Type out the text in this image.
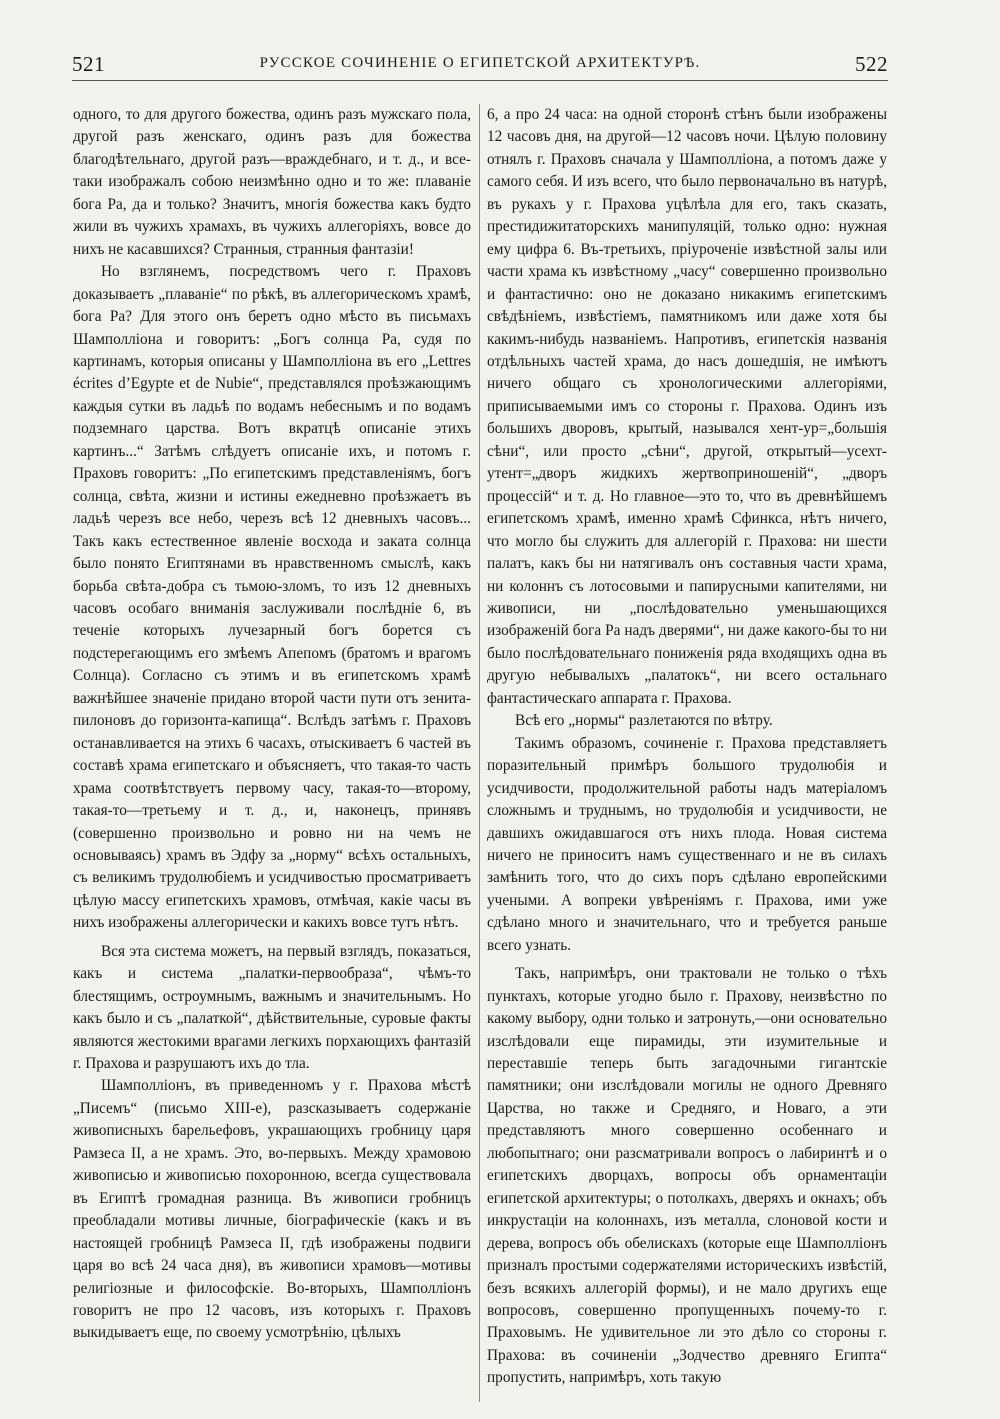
521	РУССКОЕ СОЧИНЕНІЕ О ЕГИПЕТСКОЙ АРХИТЕКТУРѢ.	522

одного, то для другого божества, одинъ разъ мужскаго пола, другой разъ женскаго, одинъ разъ для божества благодѣтельнаго, другой разъ—враждебнаго, и т. д., и все-таки изображалъ собою неизмѣнно одно и то же: плаванiе бога Ра, да и только? Значитъ, многiя божества какъ будто жили въ чужихъ храмахъ, въ чужихъ аллегорiяхъ, вовсе до нихъ не касавшихся? Странныя, странныя фантазiи!

Но взглянемъ, посредствомъ чего г. Праховъ доказываетъ „плаванiе“ по рѣкѣ, въ аллегорическомъ храмѣ, бога Ра? Для этого онъ беретъ одно мѣсто въ письмахъ Шамполлiона и говоритъ: „Богъ солнца Ра, судя по картинамъ, которыя описаны у Шамполлiона въ его „Lettres écrites d’Egypte et de Nubie“, представлялся проѣзжающимъ каждыя сутки въ ладьѣ по водамъ небеснымъ и по водамъ подземнаго царства. Вотъ вкратцѣ описанiе этихъ картинъ...“ Затѣмъ слѣдуетъ описанiе ихъ, и потомъ г. Праховъ говоритъ: „По египетскимъ представленiямъ, богъ солнца, свѣта, жизни и истины ежедневно проѣзжаетъ въ ладьѣ черезъ все небо, черезъ всѣ 12 дневныхъ часовъ... Такъ какъ естественное явленiе восхода и заката солнца было понято Египтянами въ нравственномъ смыслѣ, какъ борьба свѣта-добра съ тьмою-зломъ, то изъ 12 дневныхъ часовъ особаго вниманiя заслуживали послѣднiе 6, въ теченiе которыхъ лучезарный богъ борется съ подстерегающимъ его змѣемъ Апепомъ (братомъ и врагомъ Солнца). Согласно съ этимъ и въ египетскомъ храмѣ важнѣйшее значенiе придано второй части пути отъ зенита-пилоновъ до горизонта-капища“. Вслѣдъ затѣмъ г. Праховъ останавливается на этихъ 6 часахъ, отыскиваетъ 6 частей въ составѣ храма египетскаго и объясняетъ, что такая-то часть храма соотвѣтствуетъ первому часу, такая-то—второму, такая-то—третьему и т. д., и, наконецъ, принявъ (совершенно произвольно и ровно ни на чемъ не основываясь) храмъ въ Эдфу за „норму“ всѣхъ остальныхъ, съ великимъ трудолюбiемъ и усидчивостью просматриваетъ цѣлую массу египетскихъ храмовъ, отмѣчая, какiе часы въ нихъ изображены аллегорически и какихъ вовсе тутъ нѣтъ.

Вся эта система можетъ, на первый взглядъ, показаться, какъ и система „палатки-первообраза“, чѣмъ-то блестящимъ, остроумнымъ, важнымъ и значительнымъ. Но какъ было и съ „палаткой“, дѣйствительные, суровые факты являются жестокими врагами легкихъ порхающихъ фантазiй г. Прахова и разрушаютъ ихъ до тла.

Шамполлiонъ, въ приведенномъ у г. Прахова мѣстѣ „Писемъ“ (письмо XIII-е), разсказываетъ содержанiе живописныхъ барельефовъ, украшающихъ гробницу царя Рамзеса II, а не храмъ. Это, во-первыхъ. Между храмовою живописью и живописью похоронною, всегда существовала въ Египтѣ громадная разница. Въ живописи гробницъ преобладали мотивы личные, бiографическiе (какъ и въ настоящей гробницѣ Рамзеса II, гдѣ изображены подвиги царя во всѣ 24 часа дня), въ живописи храмовъ—мотивы религiозные и философскiе. Во-вторыхъ, Шамполлiонъ говоритъ не про 12 часовъ, изъ которыхъ г. Праховъ выкидываетъ еще, по своему усмотрѣнiю, цѣлыхъ

6, а про 24 часа: на одной сторонѣ стѣнъ были изображены 12 часовъ дня, на другой—12 часовъ ночи. Цѣлую половину отнялъ г. Праховъ сначала у Шамполлiона, а потомъ даже у самого себя. И изъ всего, что было первоначально въ натурѣ, въ рукахъ у г. Прахова уцѣлѣла для его, такъ сказать, престидижитаторскихъ манипуляцiй, только одно: нужная ему цифра 6. Въ-третьихъ, прiуроченiе извѣстной залы или части храма къ извѣстному „часу“ совершенно произвольно и фантастично: оно не доказано никакимъ египетскимъ свѣдѣнiемъ, извѣстiемъ, памятникомъ или даже хотя бы какимъ-нибудь названiемъ. Напротивъ, египетскiя названiя отдѣльныхъ частей храма, до насъ дошедшiя, не имѣютъ ничего общаго съ хронологическими аллегорiями, приписываемыми имъ со стороны г. Прахова. Одинъ изъ большихъ дворовъ, крытый, назывался хент-ур=„большiя сѣни“, или просто „сѣни“, другой, открытый—усехт-утент=„дворъ жидкихъ жертвоприношенiй“, „дворъ процессiй“ и т. д. Но главное—это то, что въ древнѣйшемъ египетскомъ храмѣ, именно храмѣ Сфинкса, нѣтъ ничего, что могло бы служить для аллегорiй г. Прахова: ни шести палатъ, какъ бы ни натягивалъ онъ составныя части храма, ни колоннъ съ лотосовыми и папирусными капителями, ни живописи, ни „послѣдовательно уменьшающихся изображенiй бога Ра надъ дверями“, ни даже какого-бы то ни было послѣдовательнаго пониженiя ряда входящихъ одна въ другую небывалыхъ „палатокъ“, ни всего остальнаго фантастическаго аппарата г. Прахова.

Всѣ его „нормы“ разлетаются по вѣтру.

Такимъ образомъ, сочиненiе г. Прахова представляетъ поразительный примѣръ большого трудолюбiя и усидчивости, продолжительной работы надъ матерiаломъ сложнымъ и труднымъ, но трудолюбiя и усидчивости, не давшихъ ожидавшагося отъ нихъ плода. Новая система ничего не приноситъ намъ существеннаго и не въ силахъ замѣнить того, что до сихъ поръ сдѣлано европейскими учеными. А вопреки увѣренiямъ г. Прахова, ими уже сдѣлано много и значительнаго, что и требуется раньше всего узнать.

Такъ, напримѣръ, они трактовали не только о тѣхъ пунктахъ, которые угодно было г. Прахову, неизвѣстно по какому выбору, одни только и затронуть,—они основательно изслѣдовали еще пирамиды, эти изумительные и переставшiе теперь быть загадочными гигантскiе памятники; они изслѣдовали могилы не одного Древняго Царства, но также и Средняго, и Новаго, а эти представляютъ много совершенно особеннаго и любопытнаго; они разсматривали вопросъ о лабиринтѣ и о египетскихъ дворцахъ, вопросы объ орнаментацiи египетской архитектуры; о потолкахъ, дверяхъ и окнахъ; объ инкрустацiи на колоннахъ, изъ металла, слоновой кости и дерева, вопросъ объ обелискахъ (которые еще Шамполлiонъ призналъ простыми содержателями историческихъ извѣстiй, безъ всякихъ аллегорiй формы), и не мало другихъ еще вопросовъ, совершенно пропущенныхъ почему-то г. Праховымъ. Не удивительное ли это дѣло со стороны г. Прахова: въ сочиненiи „Зодчество древняго Египта“ пропустить, напримѣръ, хоть такую
